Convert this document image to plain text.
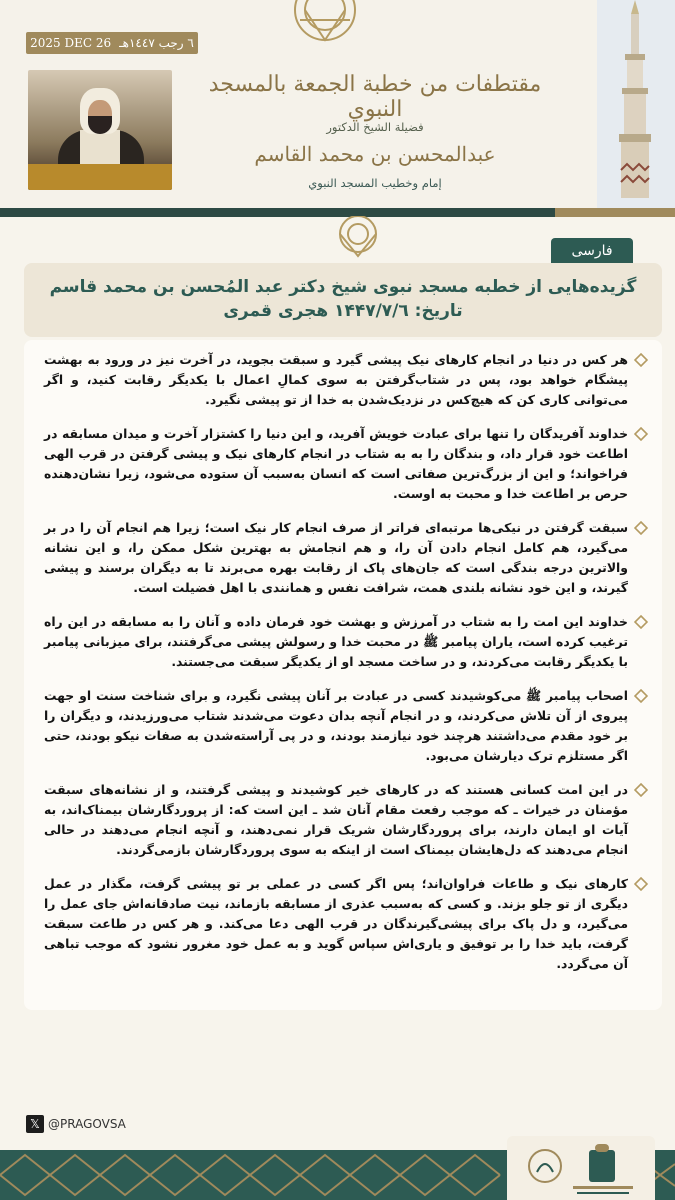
2025 DEC 26 ٦ رجب ١٤٤٧هـ
مقتطفات من خطبة الجمعة بالمسجد النبوي
فضيلة الشيخ الدكتور
عبدالمحسن بن محمد القاسم
إمام وخطيب المسجد النبوي
فارسی
گزیده‌هایی از خطبه مسجد نبوی شیخ دکتر عبد المُحسن بن محمد قاسم
تاریخ: ۱۴۴۷/۷/٦ هجری قمری
هر کس در دنیا در انجام کارهای نیک پیشی گیرد و سبقت بجوید، در آخرت نیز در ورود به بهشت پیشگام خواهد بود، پس در شتاب‌گرفتن به سوی کمالِ اعمال با یکدیگر رقابت کنید، و اگر می‌توانی کاری کن که هیچ‌کس در نزدیک‌شدن به خدا از تو پیشی نگیرد.
خداوند آفریدگان را تنها برای عبادت خویش آفرید، و این دنیا را کشتزار آخرت و میدان مسابقه در اطاعت خود قرار داد، و بندگان را به به شتاب در انجام کارهای نیک و پیشی گرفتن در قرب الهی فراخواند؛ و این از بزرگ‌ترین صفاتی است که انسان به‌سبب آن ستوده می‌شود، زیرا نشان‌دهنده حرص بر اطاعت خدا و محبت به اوست.
سبقت گرفتن در نیکی‌ها مرتبه‌ای فراتر از صرف انجام کار نیک است؛ زیرا هم انجام آن را در بر می‌گیرد، هم کامل انجام دادن آن را، و هم انجامش به بهترین شکل ممکن را، و این نشانه والاترین درجه بندگی است که جان‌های پاک از رقابت بهره می‌برند تا به دیگران برسند و پیشی گیرند، و این خود نشانه بلندی همت، شرافت نفس و همانندی با اهل فضیلت است.
خداوند این امت را به شتاب در آمرزش و بهشت خود فرمان داده و آنان را به مسابقه در این راه ترغیب کرده است، یاران پیامبر ﷺ در محبت خدا و رسولش پیشی می‌گرفتند، برای میزبانی پیامبر با یکدیگر رقابت می‌کردند، و در ساخت مسجد او از یکدیگر سبقت می‌جستند.
اصحاب پیامبر ﷺ می‌کوشیدند کسی در عبادت بر آنان پیشی نگیرد، و برای شناخت سنت او جهت پیروی از آن تلاش می‌کردند، و در انجام آنچه بدان دعوت می‌شدند شتاب می‌ورزیدند، و دیگران را بر خود مقدم می‌داشتند هرچند خود نیازمند بودند، و در پی آراسته‌شدن به صفات نیکو بودند، حتی اگر مستلزم ترک دیارشان می‌بود.
در این امت کسانی هستند که در کارهای خیر کوشیدند و پیشی گرفتند، و از نشانه‌های سبقت مؤمنان در خیرات ـ که موجب رفعت مقام آنان شد ـ این است که: از پروردگارشان بیمناک‌اند، به آیات او ایمان دارند، برای پروردگارشان شریک قرار نمی‌دهند، و آنچه انجام می‌دهند در حالی انجام می‌دهند که دل‌هایشان بیمناک است از اینکه به سوی پروردگارشان بازمی‌گردند.
کارهای نیک و طاعات فراوان‌اند؛ پس اگر کسی در عملی بر تو پیشی گرفت، مگذار در عمل دیگری از تو جلو بزند. و کسی که به‌سبب عذری از مسابقه بازماند، نیت صادقانه‌اش جای عمل را می‌گیرد، و دل پاک برای پیشی‌گیرندگان در قرب الهی دعا می‌کند. و هر کس در طاعت سبقت گرفت، باید خدا را بر توفیق و یاری‌اش سپاس گوید و به عمل خود مغرور نشود که موجب تباهی آن می‌گردد.
𝕏 @PRAGOVSA
